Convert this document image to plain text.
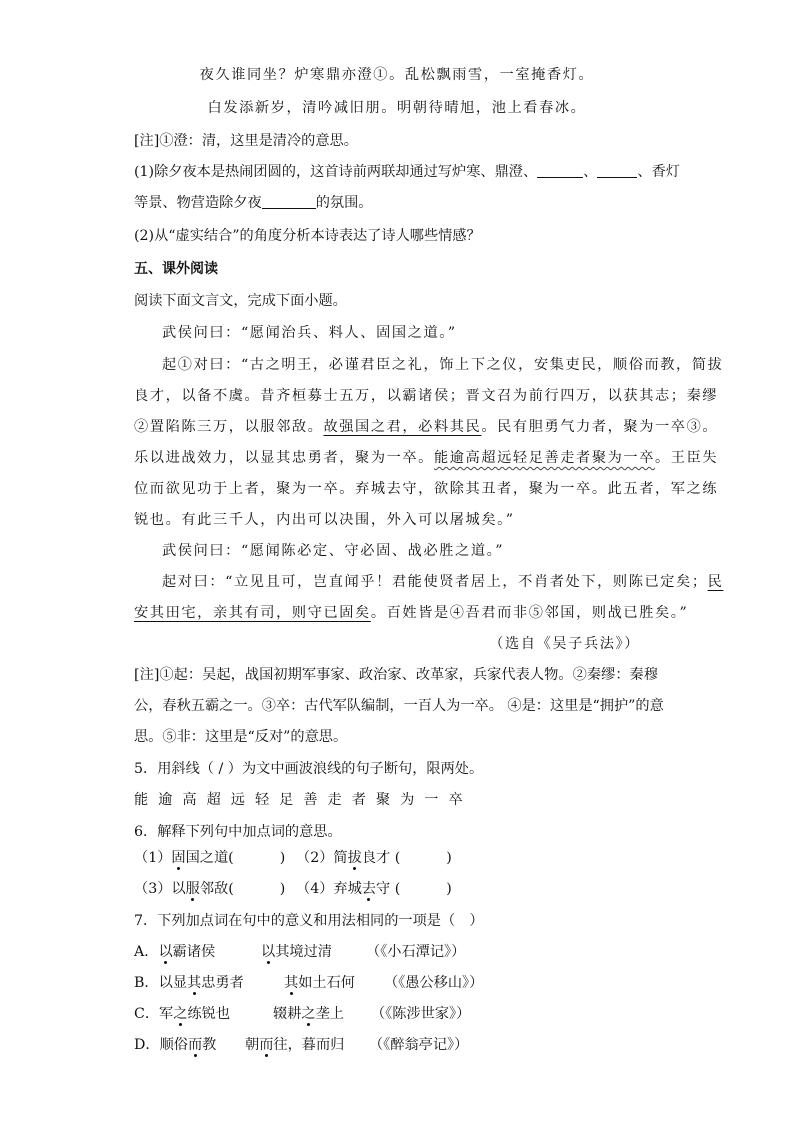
夜久谁同坐？炉寒鼎亦澄①。乱松飘雨雪，一室掩香灯。
白发添新岁，清吟减旧朋。明朝待晴旭，池上看春冰。
[注]①澄：清，这里是清冷的意思。
(1)除夕夜本是热闹团圆的，这首诗前两联却通过写炉寒、鼎澄、	、	、香灯
等景、物营造除夕夜	的氛围。
(2)从“虚实结合”的角度分析本诗表达了诗人哪些情感？
五、课外阅读
阅读下面文言文，完成下面小题。
武侯问曰：“愿闻治兵、料人、固国之道。”
起①对曰：“古之明王，必谨君臣之礼，饰上下之仪，安集吏民，顺俗而教，简拔
良才，以备不虞。昔齐桓募士五万，以霸诸侯；晋文召为前行四万，以获其志；秦缪
②置陷陈三万，以服邻敌。故强国之君，必料其民。民有胆勇气力者，聚为一卒③。
乐以进战效力，以显其忠勇者，聚为一卒。能逾高超远轻足善走者聚为一卒。王臣失
位而欲见功于上者，聚为一卒。弃城去守，欲除其丑者，聚为一卒。此五者，军之练
锐也。有此三千人，内出可以决围，外入可以屠城矣。”
武侯问曰：“愿闻陈必定、守必固、战必胜之道。”
起对曰：“立见且可，岂直闻乎！君能使贤者居上，不肖者处下，则陈已定矣；民
安其田宅，亲其有司，则守已固矣。百姓皆是④吾君而非⑤邻国，则战已胜矣。”
（选自《吴子兵法》）
[注]①起：吴起，战国初期军事家、政治家、改革家，兵家代表人物。②秦缪：秦穆
公，春秋五霸之一。③卒：古代军队编制，一百人为一卒。 ④是：这里是“拥护”的意
思。⑤非：这里是“反对”的意思。
5．用斜线（ / ）为文中画波浪线的句子断句，限两处。
能逾高超远轻足善走者聚为一卒
6．解释下列句中加点词的意思。
（1）固国之道(	) （2）简拔良才 (	)
（3）以服邻敌(	) （4）弃城去守 (	)
7．下列加点词在句中的意义和用法相同的一项是（　）
A．以霸诸侯	以其境过清 （《小石潭记》）
B．以显其忠勇者	其如土石何 （《愚公移山》）
C．军之练锐也	辍耕之垄上 （《陈涉世家》）
D．顺俗而教 朝而往，暮而归 （《醉翁亭记》）
